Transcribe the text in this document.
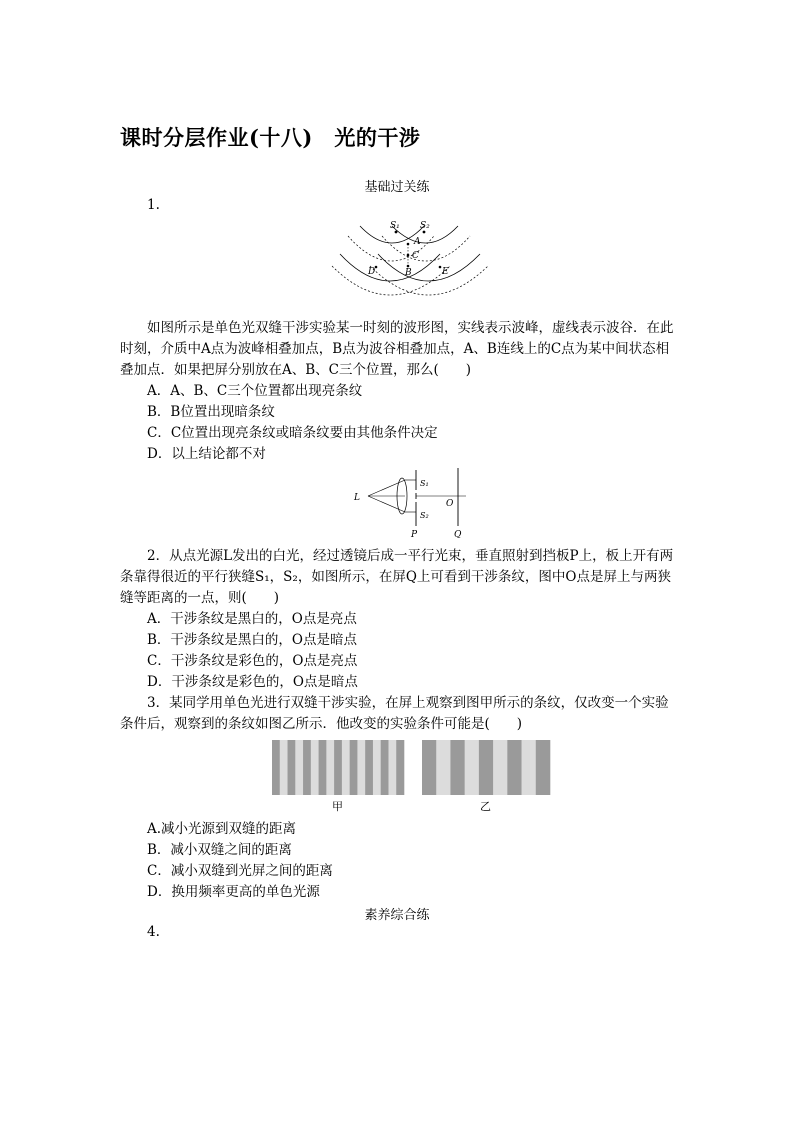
课时分层作业(十八)　光的干涉
基础过关练
1.
S₁ S₂
A
C
B
D	E
如图所示是单色光双缝干涉实验某一时刻的波形图，实线表示波峰，虚线表示波谷．在此时刻，介质中A点为波峰相叠加点，B点为波谷相叠加点，A、B连线上的C点为某中间状态相叠加点．如果把屏分别放在A、B、C三个位置，那么(　　)
A．A、B、C三个位置都出现亮条纹
B．B位置出现暗条纹
C．C位置出现亮条纹或暗条纹要由其他条件决定
D．以上结论都不对
L
S₁
S₂
O
P	Q
2．从点光源L发出的白光，经过透镜后成一平行光束，垂直照射到挡板P上，板上开有两条靠得很近的平行狭缝S₁，S₂，如图所示，在屏Q上可看到干涉条纹，图中O点是屏上与两狭缝等距离的一点，则(　　)
A．干涉条纹是黑白的，O点是亮点
B．干涉条纹是黑白的，O点是暗点
C．干涉条纹是彩色的，O点是亮点
D．干涉条纹是彩色的，O点是暗点
3．某同学用单色光进行双缝干涉实验，在屏上观察到图甲所示的条纹，仅改变一个实验条件后，观察到的条纹如图乙所示．他改变的实验条件可能是(　　)
甲	乙
A.减小光源到双缝的距离
B．减小双缝之间的距离
C．减小双缝到光屏之间的距离
D．换用频率更高的单色光源
素养综合练
4.
